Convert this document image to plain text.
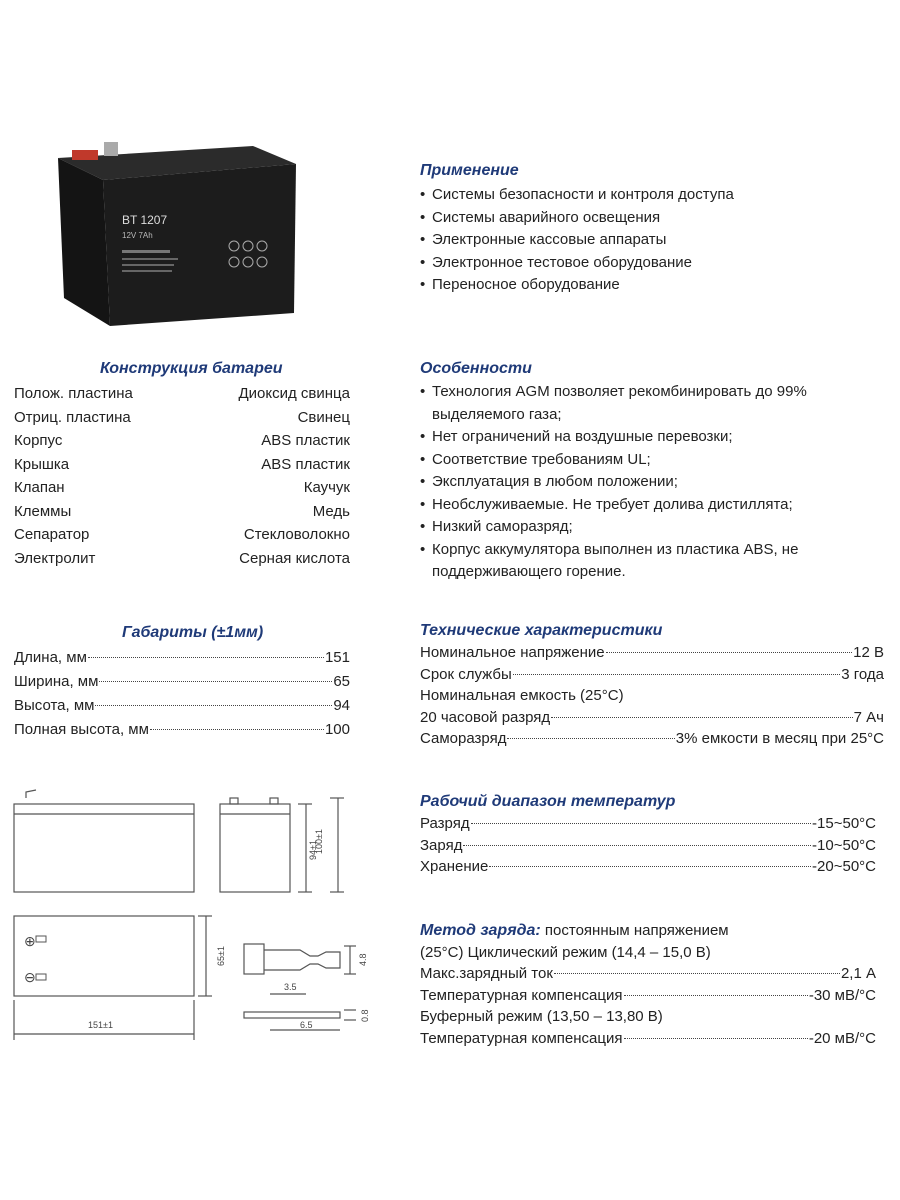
BT 1207
12V 7Ah
Применение
• Системы безопасности и контроля доступа
• Системы аварийного освещения
• Электронные кассовые аппараты
• Электронное тестовое оборудование
• Переносное оборудование
Конструкция батареи
Полож. пластина	Диоксид свинца
Отриц. пластина	Свинец
Корпус	ABS пластик
Крышка	ABS пластик
Клапан	Каучук
Клеммы	Медь
Сепаратор	Стекловолокно
Электролит	Серная кислота
Особенности
• Технология AGM позволяет рекомбинировать до 99% выделяемого газа;
• Нет ограничений на воздушные перевозки;
• Соответствие требованиям UL;
• Эксплуатация в любом положении;
• Необслуживаемые. Не требует долива дистиллята;
• Низкий саморазряд;
• Корпус аккумулятора выполнен из пластика ABS, не поддерживающего горение.
Габариты (±1мм)
Длина, мм	151
Ширина, мм	65
Высота, мм	94
Полная высота, мм	100
Технические характеристики
Номинальное напряжение	12 В
Срок службы	3 года
Номинальная емкость (25°C)
20 часовой разряд	7 Ач
Саморазряд	3% емкости в месяц при 25°C
Рабочий диапазон температур
Разряд	-15~50°C
Заряд	-10~50°C
Хранение	-20~50°C
Метод заряда: постоянным напряжением
(25°C) Циклический режим (14,4 – 15,0 В)
Макс.зарядный ток	2,1 А
Температурная компенсация	-30 мВ/°C
Буферный режим (13,50 – 13,80 В)
Температурная компенсация	-20 мВ/°C
100±1
94±1
65±1
151±1
3.5
6.5
4.8
0.8
⊕
⊖
